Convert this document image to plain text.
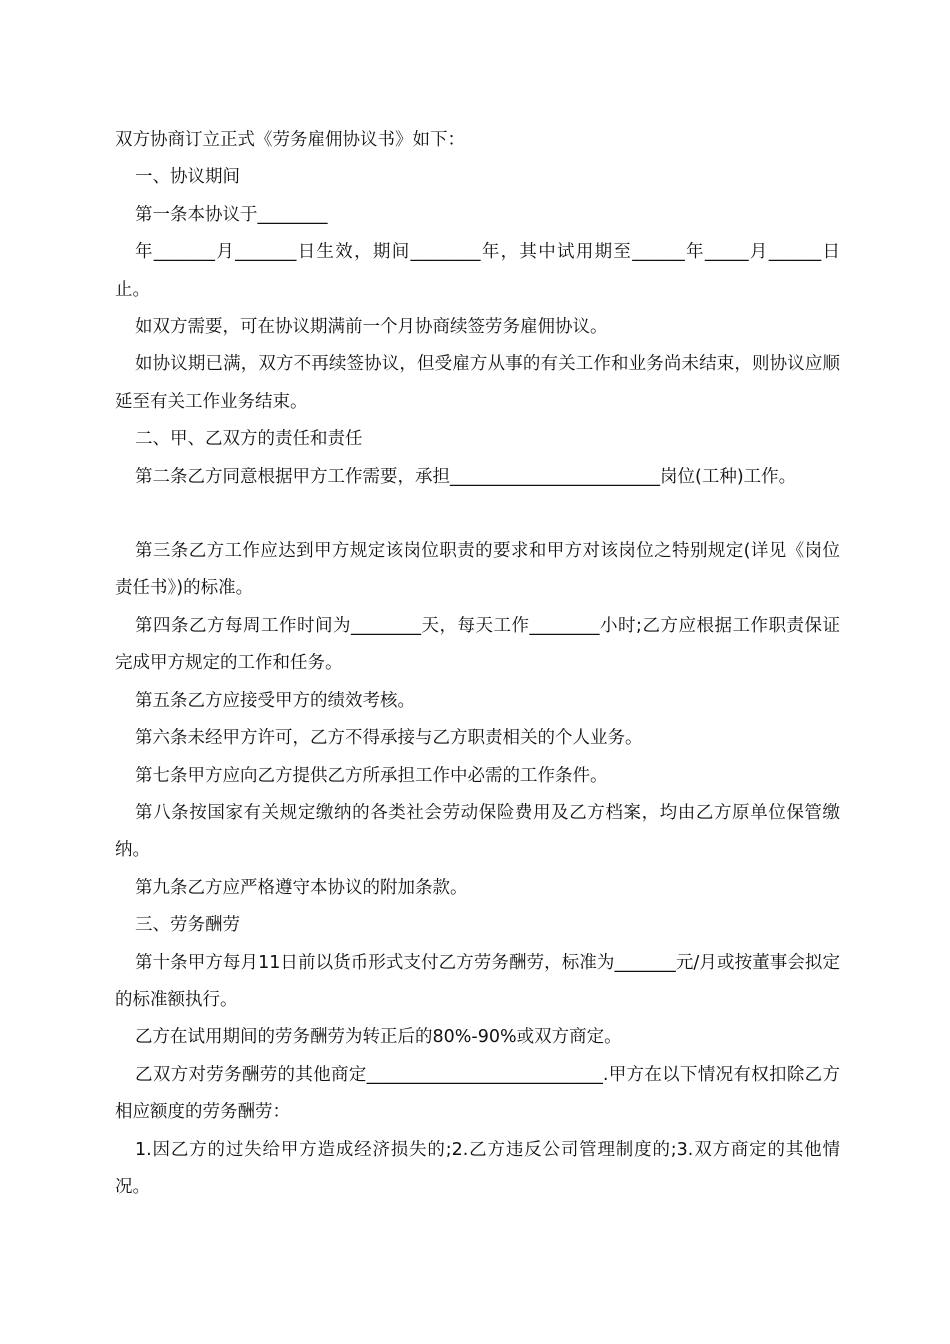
双方协商订立正式《劳务雇佣协议书》如下：

一、协议期间

第一条本协议于________

年_______月_______日生效，期间________年，其中试用期至______年_____月______日止。

如双方需要，可在协议期满前一个月协商续签劳务雇佣协议。

如协议期已满，双方不再续签协议，但受雇方从事的有关工作和业务尚未结束，则协议应顺延至有关工作业务结束。

二、甲、乙双方的责任和责任

第二条乙方同意根据甲方工作需要，承担________________________岗位(工种)工作。

第三条乙方工作应达到甲方规定该岗位职责的要求和甲方对该岗位之特别规定(详见《岗位责任书》)的标准。

第四条乙方每周工作时间为________天，每天工作________小时;乙方应根据工作职责保证完成甲方规定的工作和任务。

第五条乙方应接受甲方的绩效考核。

第六条未经甲方许可，乙方不得承接与乙方职责相关的个人业务。

第七条甲方应向乙方提供乙方所承担工作中必需的工作条件。

第八条按国家有关规定缴纳的各类社会劳动保险费用及乙方档案，均由乙方原单位保管缴纳。

第九条乙方应严格遵守本协议的附加条款。

三、劳务酬劳

第十条甲方每月11日前以货币形式支付乙方劳务酬劳，标准为_______元/月或按董事会拟定的标准额执行。

乙方在试用期间的劳务酬劳为转正后的80%-90%或双方商定。

乙双方对劳务酬劳的其他商定___________________________.甲方在以下情况有权扣除乙方相应额度的劳务酬劳：

1.因乙方的过失给甲方造成经济损失的;2.乙方违反公司管理制度的;3.双方商定的其他情况。
